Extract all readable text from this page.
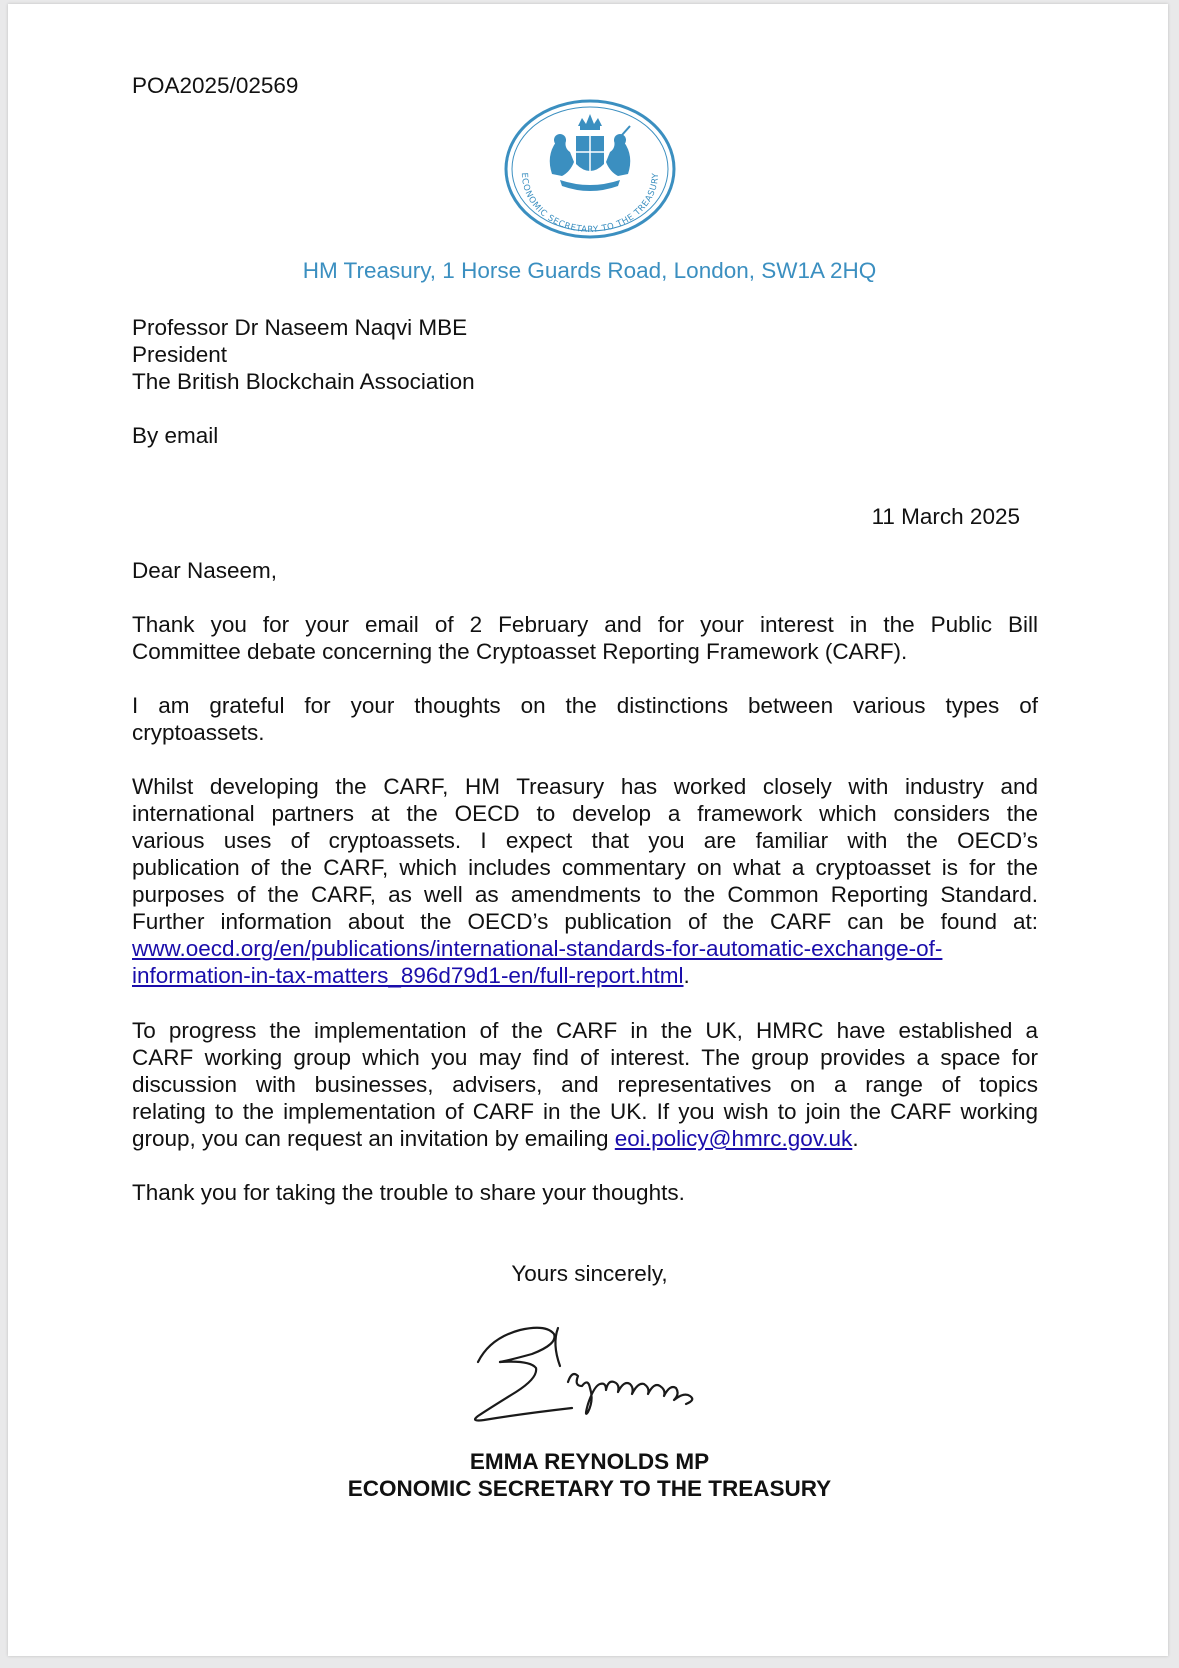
POA2025/02569
ECONOMIC SECRETARY TO THE TREASURY
HM Treasury, 1 Horse Guards Road, London, SW1A 2HQ
Professor Dr Naseem Naqvi MBE
President
The British Blockchain Association
By email
11 March 2025
Dear Naseem,
Thank you for your email of 2 February and for your interest in the Public Bill
Committee debate concerning the Cryptoasset Reporting Framework (CARF).
I am grateful for your thoughts on the distinctions between various types of
cryptoassets.
Whilst developing the CARF, HM Treasury has worked closely with industry and
international partners at the OECD to develop a framework which considers the
various uses of cryptoassets. I expect that you are familiar with the OECD’s
publication of the CARF, which includes commentary on what a cryptoasset is for the
purposes of the CARF, as well as amendments to the Common Reporting Standard.
Further information about the OECD’s publication of the CARF can be found at:
www.oecd.org/en/publications/international-standards-for-automatic-exchange-of-
information-in-tax-matters_896d79d1-en/full-report.html.
To progress the implementation of the CARF in the UK, HMRC have established a
CARF working group which you may find of interest. The group provides a space for
discussion with businesses, advisers, and representatives on a range of topics
relating to the implementation of CARF in the UK. If you wish to join the CARF working
group, you can request an invitation by emailing eoi.policy@hmrc.gov.uk.
Thank you for taking the trouble to share your thoughts.
Yours sincerely,
EMMA REYNOLDS MP
ECONOMIC SECRETARY TO THE TREASURY
